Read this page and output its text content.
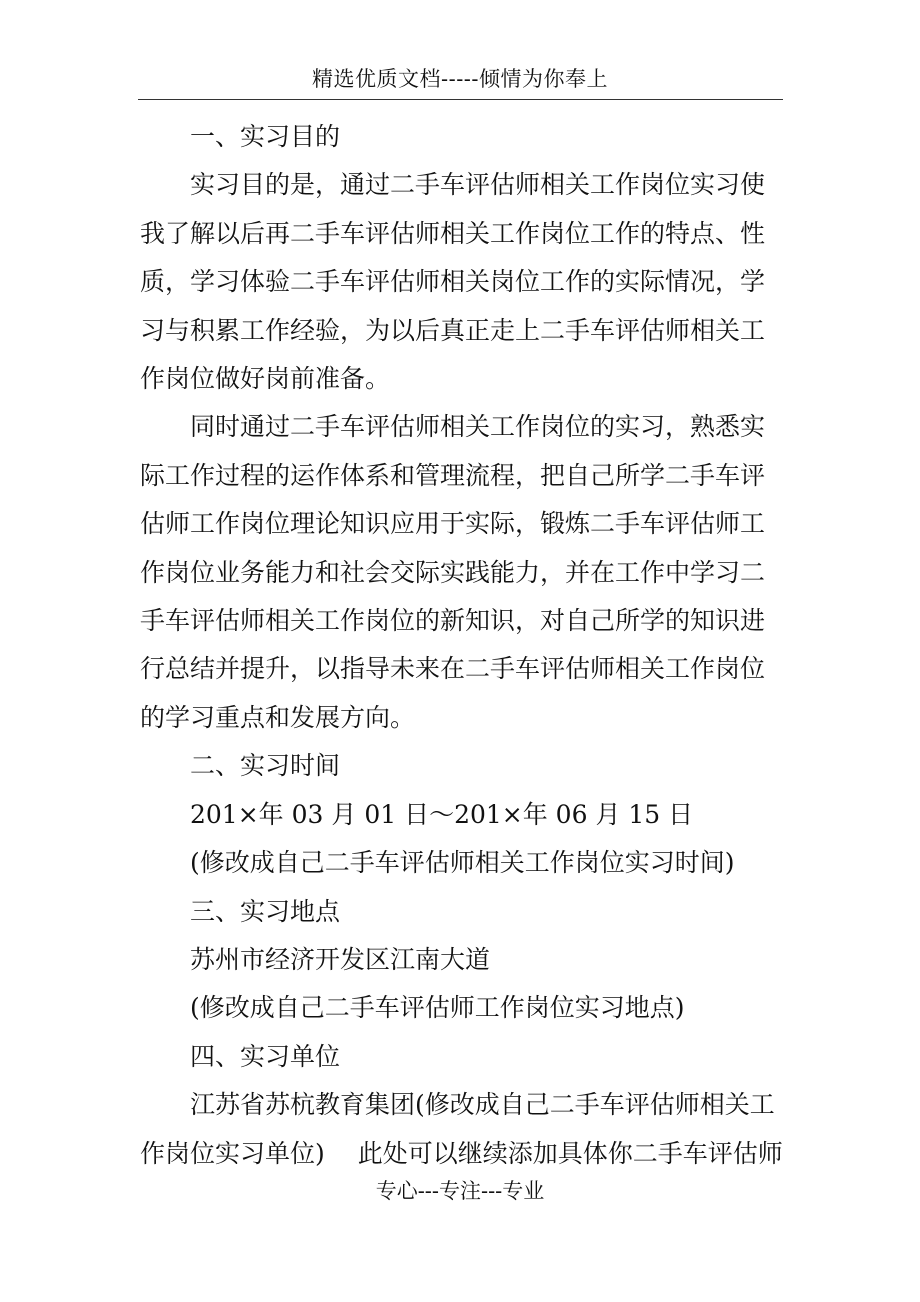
精选优质文档-----倾情为你奉上

一、实习目的

实习目的是，通过二手车评估师相关工作岗位实习使

我了解以后再二手车评估师相关工作岗位工作的特点、性

质，学习体验二手车评估师相关岗位工作的实际情况，学

习与积累工作经验，为以后真正走上二手车评估师相关工

作岗位做好岗前准备。

同时通过二手车评估师相关工作岗位的实习，熟悉实

际工作过程的运作体系和管理流程，把自己所学二手车评

估师工作岗位理论知识应用于实际，锻炼二手车评估师工

作岗位业务能力和社会交际实践能力，并在工作中学习二

手车评估师相关工作岗位的新知识，对自己所学的知识进

行总结并提升，以指导未来在二手车评估师相关工作岗位

的学习重点和发展方向。

二、实习时间

201×年 03 月 01 日～201×年 06 月 15 日

(修改成自己二手车评估师相关工作岗位实习时间)

三、实习地点

苏州市经济开发区江南大道

(修改成自己二手车评估师工作岗位实习地点)

四、实习单位

江苏省苏杭教育集团(修改成自己二手车评估师相关工

作岗位实习单位)　 此处可以继续添加具体你二手车评估师

专心---专注---专业
